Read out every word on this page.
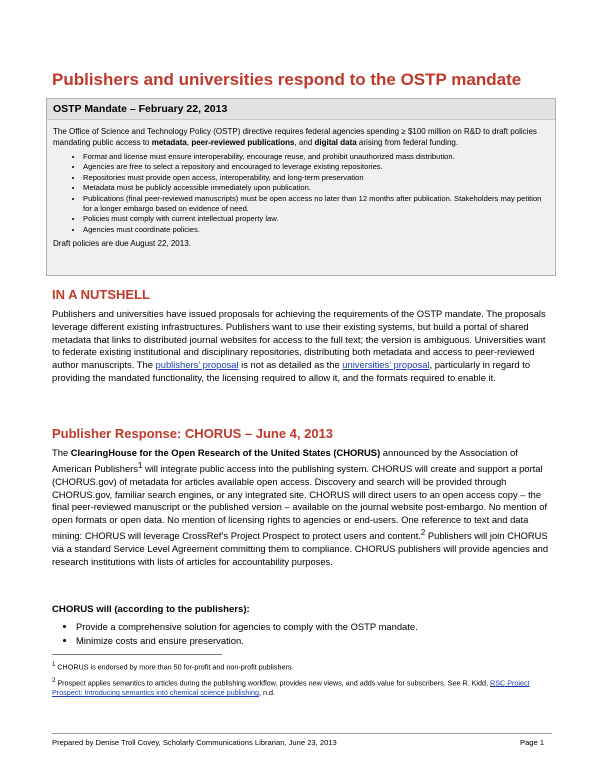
Publishers and universities respond to the OSTP mandate
OSTP Mandate – February 22, 2013
The Office of Science and Technology Policy (OSTP) directive requires federal agencies spending ≥ $100 million on R&D to draft policies mandating public access to metadata, peer-reviewed publications, and digital data arising from federal funding.
• Format and license must ensure interoperability, encourage reuse, and prohibit unauthorized mass distribution.
• Agencies are free to select a repository and encouraged to leverage existing repositories.
• Repositories must provide open access, interoperability, and long-term preservation
• Metadata must be publicly accessible immediately upon publication.
• Publications (final peer-reviewed manuscripts) must be open access no later than 12 months after publication. Stakeholders may petition for a longer embargo based on evidence of need.
• Policies must comply with current intellectual property law.
• Agencies must coordinate policies.
Draft policies are due August 22, 2013.
IN A NUTSHELL
Publishers and universities have issued proposals for achieving the requirements of the OSTP mandate. The proposals leverage different existing infrastructures. Publishers want to use their existing systems, but build a portal of shared metadata that links to distributed journal websites for access to the full text; the version is ambiguous. Universities want to federate existing institutional and disciplinary repositories, distributing both metadata and access to peer-reviewed author manuscripts. The publishers’ proposal is not as detailed as the universities’ proposal, particularly in regard to providing the mandated functionality, the licensing required to allow it, and the formats required to enable it.
Publisher Response: CHORUS – June 4, 2013
The ClearingHouse for the Open Research of the United States (CHORUS) announced by the Association of American Publishers$^1$ will integrate public access into the publishing system. CHORUS will create and support a portal (CHORUS.gov) of metadata for articles available open access. Discovery and search will be provided through CHORUS.gov, familiar search engines, or any integrated site. CHORUS will direct users to an open access copy – the final peer-reviewed manuscript or the published version – available on the journal website post-embargo. No mention of open formats or open data. No mention of licensing rights to agencies or end-users. One reference to text and data mining: CHORUS will leverage CrossRef’s Project Prospect to protect users and content.$^2$ Publishers will join CHORUS via a standard Service Level Agreement committing them to compliance. CHORUS publishers will provide agencies and research institutions with lists of articles for accountability purposes.
CHORUS will (according to the publishers):
• Provide a comprehensive solution for agencies to comply with the OSTP mandate.
• Minimize costs and ensure preservation.
$^1$ CHORUS is endorsed by more than 50 for-profit and non-profit publishers.
$^2$ Prospect applies semantics to articles during the publishing workflow, provides new views, and adds value for subscribers. See R. Kidd, RSC Project Prospect: Introducing semantics into chemical science publishing, n.d.
Prepared by Denise Troll Covey, Scholarly Communications Librarian, June 23, 2013	Page 1
